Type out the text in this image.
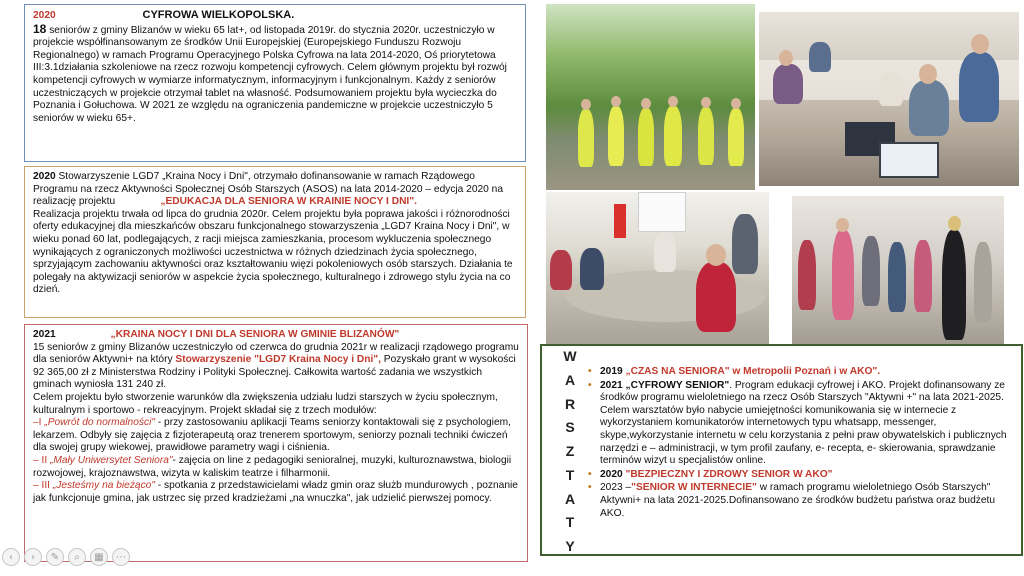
2020	CYFROWA WIELKOPOLSKA.

18 seniorów z gminy Blizanów w wieku 65 lat+, od listopada 2019r. do stycznia 2020r. uczestniczyło w projekcie współfinansowanym ze środków Unii Europejskiej (Europejskiego Funduszu Rozwoju Regionalnego) w ramach Programu Operacyjnego Polska Cyfrowa na lata 2014-2020, Oś priorytetowa III:3.1działania szkoleniowe na rzecz rozwoju kompetencji cyfrowych. Celem głównym projektu był rozwój kompetencji cyfrowych w wymiarze informatycznym, informacyjnym i funkcjonalnym. Każdy z seniorów uczestniczących w projekcie otrzymał tablet na własność. Podsumowaniem projektu była wycieczka do Poznania i Gołuchowa. W 2021 ze względu na ograniczenia pandemiczne w projekcie uczestniczyło 5 seniorów w wieku 65+.

2020 Stowarzyszenie LGD7 „Kraina Nocy i Dni", otrzymało dofinansowanie w ramach Rządowego Programu na rzecz Aktywności Społecznej Osób Starszych (ASOS) na lata 2014-2020 – edycja 2020 na realizację projektu	„EDUKACJA DLA SENIORA W KRAINIE NOCY I DNI".

Realizacja projektu trwała od lipca do grudnia 2020r. Celem projektu była poprawa jakości i różnorodności oferty edukacyjnej dla mieszkańców obszaru funkcjonalnego stowarzyszenia „LGD7 Kraina Nocy i Dni", w wieku ponad 60 lat, podlegających, z racji miejsca zamieszkania, procesom wykluczenia społecznego wynikających z ograniczonych możliwości uczestnictwa w różnych dziedzinach życia społecznego, sprzyjającym zachowaniu aktywności oraz kształtowaniu więzi pokoleniowych osób starszych. Działania te polegały na aktywizacji seniorów w aspekcie życia społecznego, kulturalnego i zdrowego stylu życia na co dzień.

2021	„KRAINA NOCY I DNI DLA SENIORA W GMINIE BLIZANÓW"

15 seniorów z gminy Blizanów uczestniczyło od czerwca do grudnia 2021r w realizacji rządowego programu dla seniorów Aktywni+ na który Stowarzyszenie "LGD7 Kraina Nocy i Dni", Pozyskało grant w wysokości 92 365,00 zł z Ministerstwa Rodziny i Polityki Społecznej. Całkowita wartość zadania we wszystkich gminach wyniosła 131 240 zł.

Celem projektu było stworzenie warunków dla zwiększenia udziału ludzi starszych w życiu społecznym, kulturalnym i sportowo - rekreacyjnym. Projekt składał się z trzech modułów:

–I „Powrót do normalności" - przy zastosowaniu aplikacji Teams seniorzy kontaktowali się z psychologiem, lekarzem. Odbyły się zajęcia z fizjoterapeutą oraz trenerem sportowym, seniorzy poznali techniki ćwiczeń dla swojej grupy wiekowej, prawidłowe parametry wagi i ciśnienia.

– II „Mały Uniwersytet Seniora"- zajęcia on line z pedagogiki senioralnej, muzyki, kulturoznawstwa, biologii rozwojowej, krajoznawstwa, wizyta w kaliskim teatrze i filharmonii.

– III „Jesteśmy na bieżąco" - spotkania z przedstawicielami władz gmin oraz służb mundurowych , poznanie jak funkcjonuje gmina, jak ustrzec się przed kradzieżami „na wnuczka", jak udzielić pierwszej pomocy.

W
A
R
S
Z
T
A
T
Y
• 2019 „CZAS NA SENIORA" w Metropolii Poznań i w AKO".
• 2021 „CYFROWY SENIOR". Program edukacji cyfrowej i AKO. Projekt dofinansowany ze środków programu wieloletniego na rzecz Osób Starszych "Aktywni +" na lata 2021-2025. Celem warsztatów było nabycie umiejętności komunikowania się w internecie z wykorzystaniem komunikatorów internetowych typu whatsapp, messenger, skype,wykorzystanie internetu w celu korzystania z pełni praw obywatelskich i publicznych narzędzi e – administracji, w tym profil zaufany, e- recepta, e- skierowania, sprawdzanie terminów wizyt u specjalistów online.
• 2020 "BEZPIECZNY I ZDROWY SENIOR W AKO"
• 2023 –"SENIOR W INTERNECIE" w ramach programu wieloletniego Osób Starszych" Aktywni+ na lata 2021-2025.Dofinansowano ze środków budżetu państwa oraz budżetu AKO.
‹	›	✎	⌕	▦	⋯
